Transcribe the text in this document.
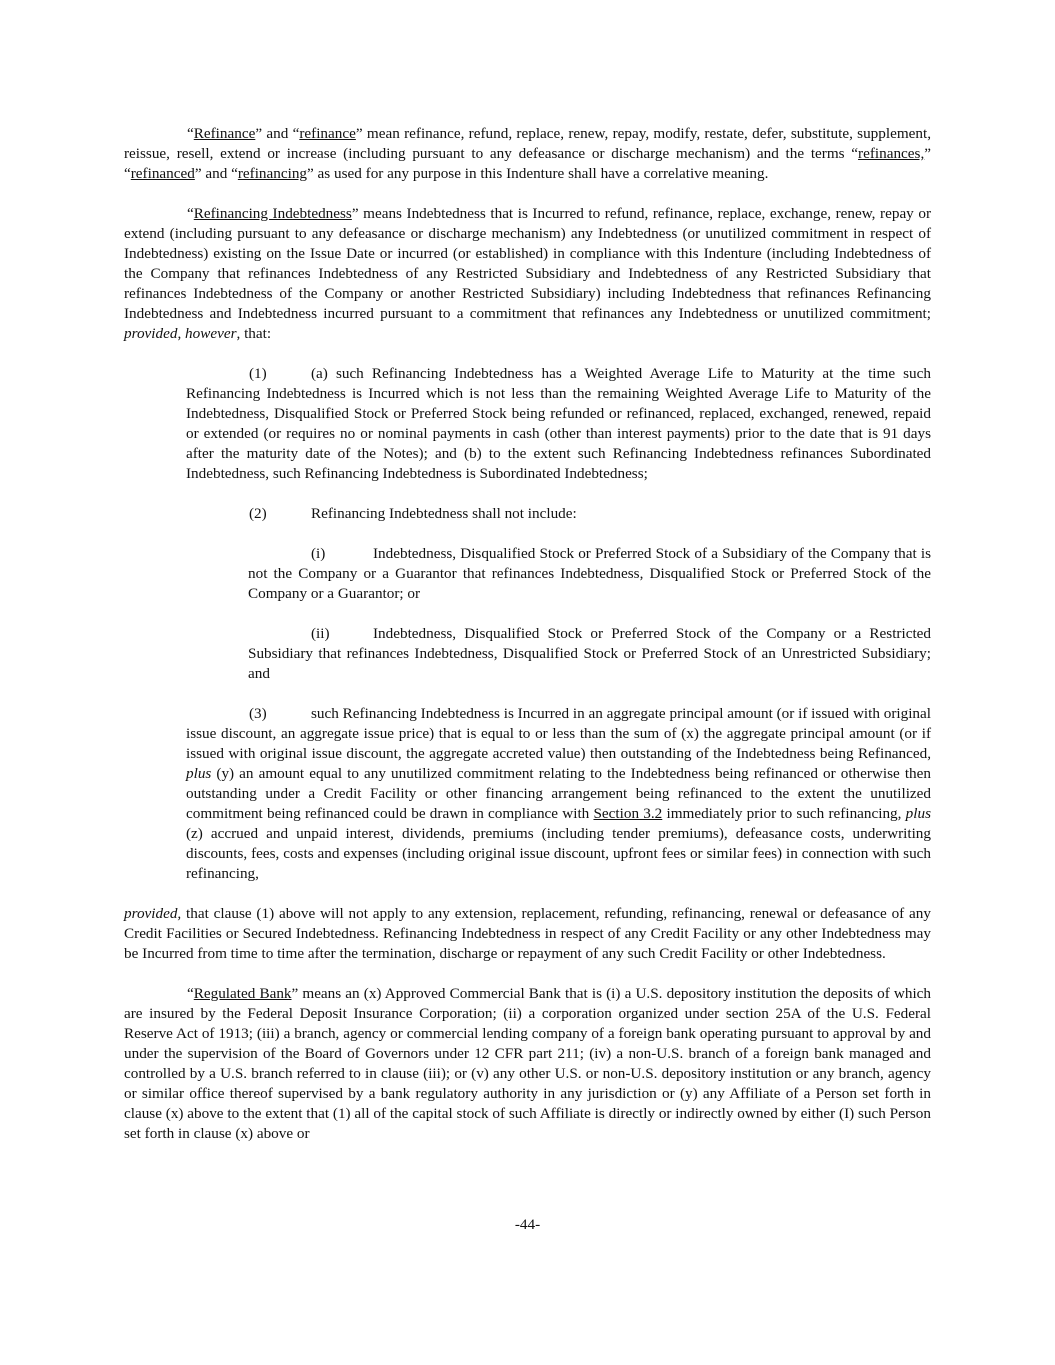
“Refinance” and “refinance” mean refinance, refund, replace, renew, repay, modify, restate, defer, substitute, supplement, reissue, resell, extend or increase (including pursuant to any defeasance or discharge mechanism) and the terms “refinances,” “refinanced” and “refinancing” as used for any purpose in this Indenture shall have a correlative meaning.

“Refinancing Indebtedness” means Indebtedness that is Incurred to refund, refinance, replace, exchange, renew, repay or extend (including pursuant to any defeasance or discharge mechanism) any Indebtedness (or unutilized commitment in respect of Indebtedness) existing on the Issue Date or incurred (or established) in compliance with this Indenture (including Indebtedness of the Company that refinances Indebtedness of any Restricted Subsidiary and Indebtedness of any Restricted Subsidiary that refinances Indebtedness of the Company or another Restricted Subsidiary) including Indebtedness that refinances Refinancing Indebtedness and Indebtedness incurred pursuant to a commitment that refinances any Indebtedness or unutilized commitment; provided, however, that:

(1)	(a) such Refinancing Indebtedness has a Weighted Average Life to Maturity at the time such Refinancing Indebtedness is Incurred which is not less than the remaining Weighted Average Life to Maturity of the Indebtedness, Disqualified Stock or Preferred Stock being refunded or refinanced, replaced, exchanged, renewed, repaid or extended (or requires no or nominal payments in cash (other than interest payments) prior to the date that is 91 days after the maturity date of the Notes); and (b) to the extent such Refinancing Indebtedness refinances Subordinated Indebtedness, such Refinancing Indebtedness is Subordinated Indebtedness;

(2)	Refinancing Indebtedness shall not include:

(i)	Indebtedness, Disqualified Stock or Preferred Stock of a Subsidiary of the Company that is not the Company or a Guarantor that refinances Indebtedness, Disqualified Stock or Preferred Stock of the Company or a Guarantor; or

(ii)	Indebtedness, Disqualified Stock or Preferred Stock of the Company or a Restricted Subsidiary that refinances Indebtedness, Disqualified Stock or Preferred Stock of an Unrestricted Subsidiary; and

(3)	such Refinancing Indebtedness is Incurred in an aggregate principal amount (or if issued with original issue discount, an aggregate issue price) that is equal to or less than the sum of (x) the aggregate principal amount (or if issued with original issue discount, the aggregate accreted value) then outstanding of the Indebtedness being Refinanced, plus (y) an amount equal to any unutilized commitment relating to the Indebtedness being refinanced or otherwise then outstanding under a Credit Facility or other financing arrangement being refinanced to the extent the unutilized commitment being refinanced could be drawn in compliance with Section 3.2 immediately prior to such refinancing, plus (z) accrued and unpaid interest, dividends, premiums (including tender premiums), defeasance costs, underwriting discounts, fees, costs and expenses (including original issue discount, upfront fees or similar fees) in connection with such refinancing,

provided, that clause (1) above will not apply to any extension, replacement, refunding, refinancing, renewal or defeasance of any Credit Facilities or Secured Indebtedness. Refinancing Indebtedness in respect of any Credit Facility or any other Indebtedness may be Incurred from time to time after the termination, discharge or repayment of any such Credit Facility or other Indebtedness.

“Regulated Bank” means an (x) Approved Commercial Bank that is (i) a U.S. depository institution the deposits of which are insured by the Federal Deposit Insurance Corporation; (ii) a corporation organized under section 25A of the U.S. Federal Reserve Act of 1913; (iii) a branch, agency or commercial lending company of a foreign bank operating pursuant to approval by and under the supervision of the Board of Governors under 12 CFR part 211; (iv) a non-U.S. branch of a foreign bank managed and controlled by a U.S. branch referred to in clause (iii); or (v) any other U.S. or non-U.S. depository institution or any branch, agency or similar office thereof supervised by a bank regulatory authority in any jurisdiction or (y) any Affiliate of a Person set forth in clause (x) above to the extent that (1) all of the capital stock of such Affiliate is directly or indirectly owned by either (I) such Person set forth in clause (x) above or

-44-
